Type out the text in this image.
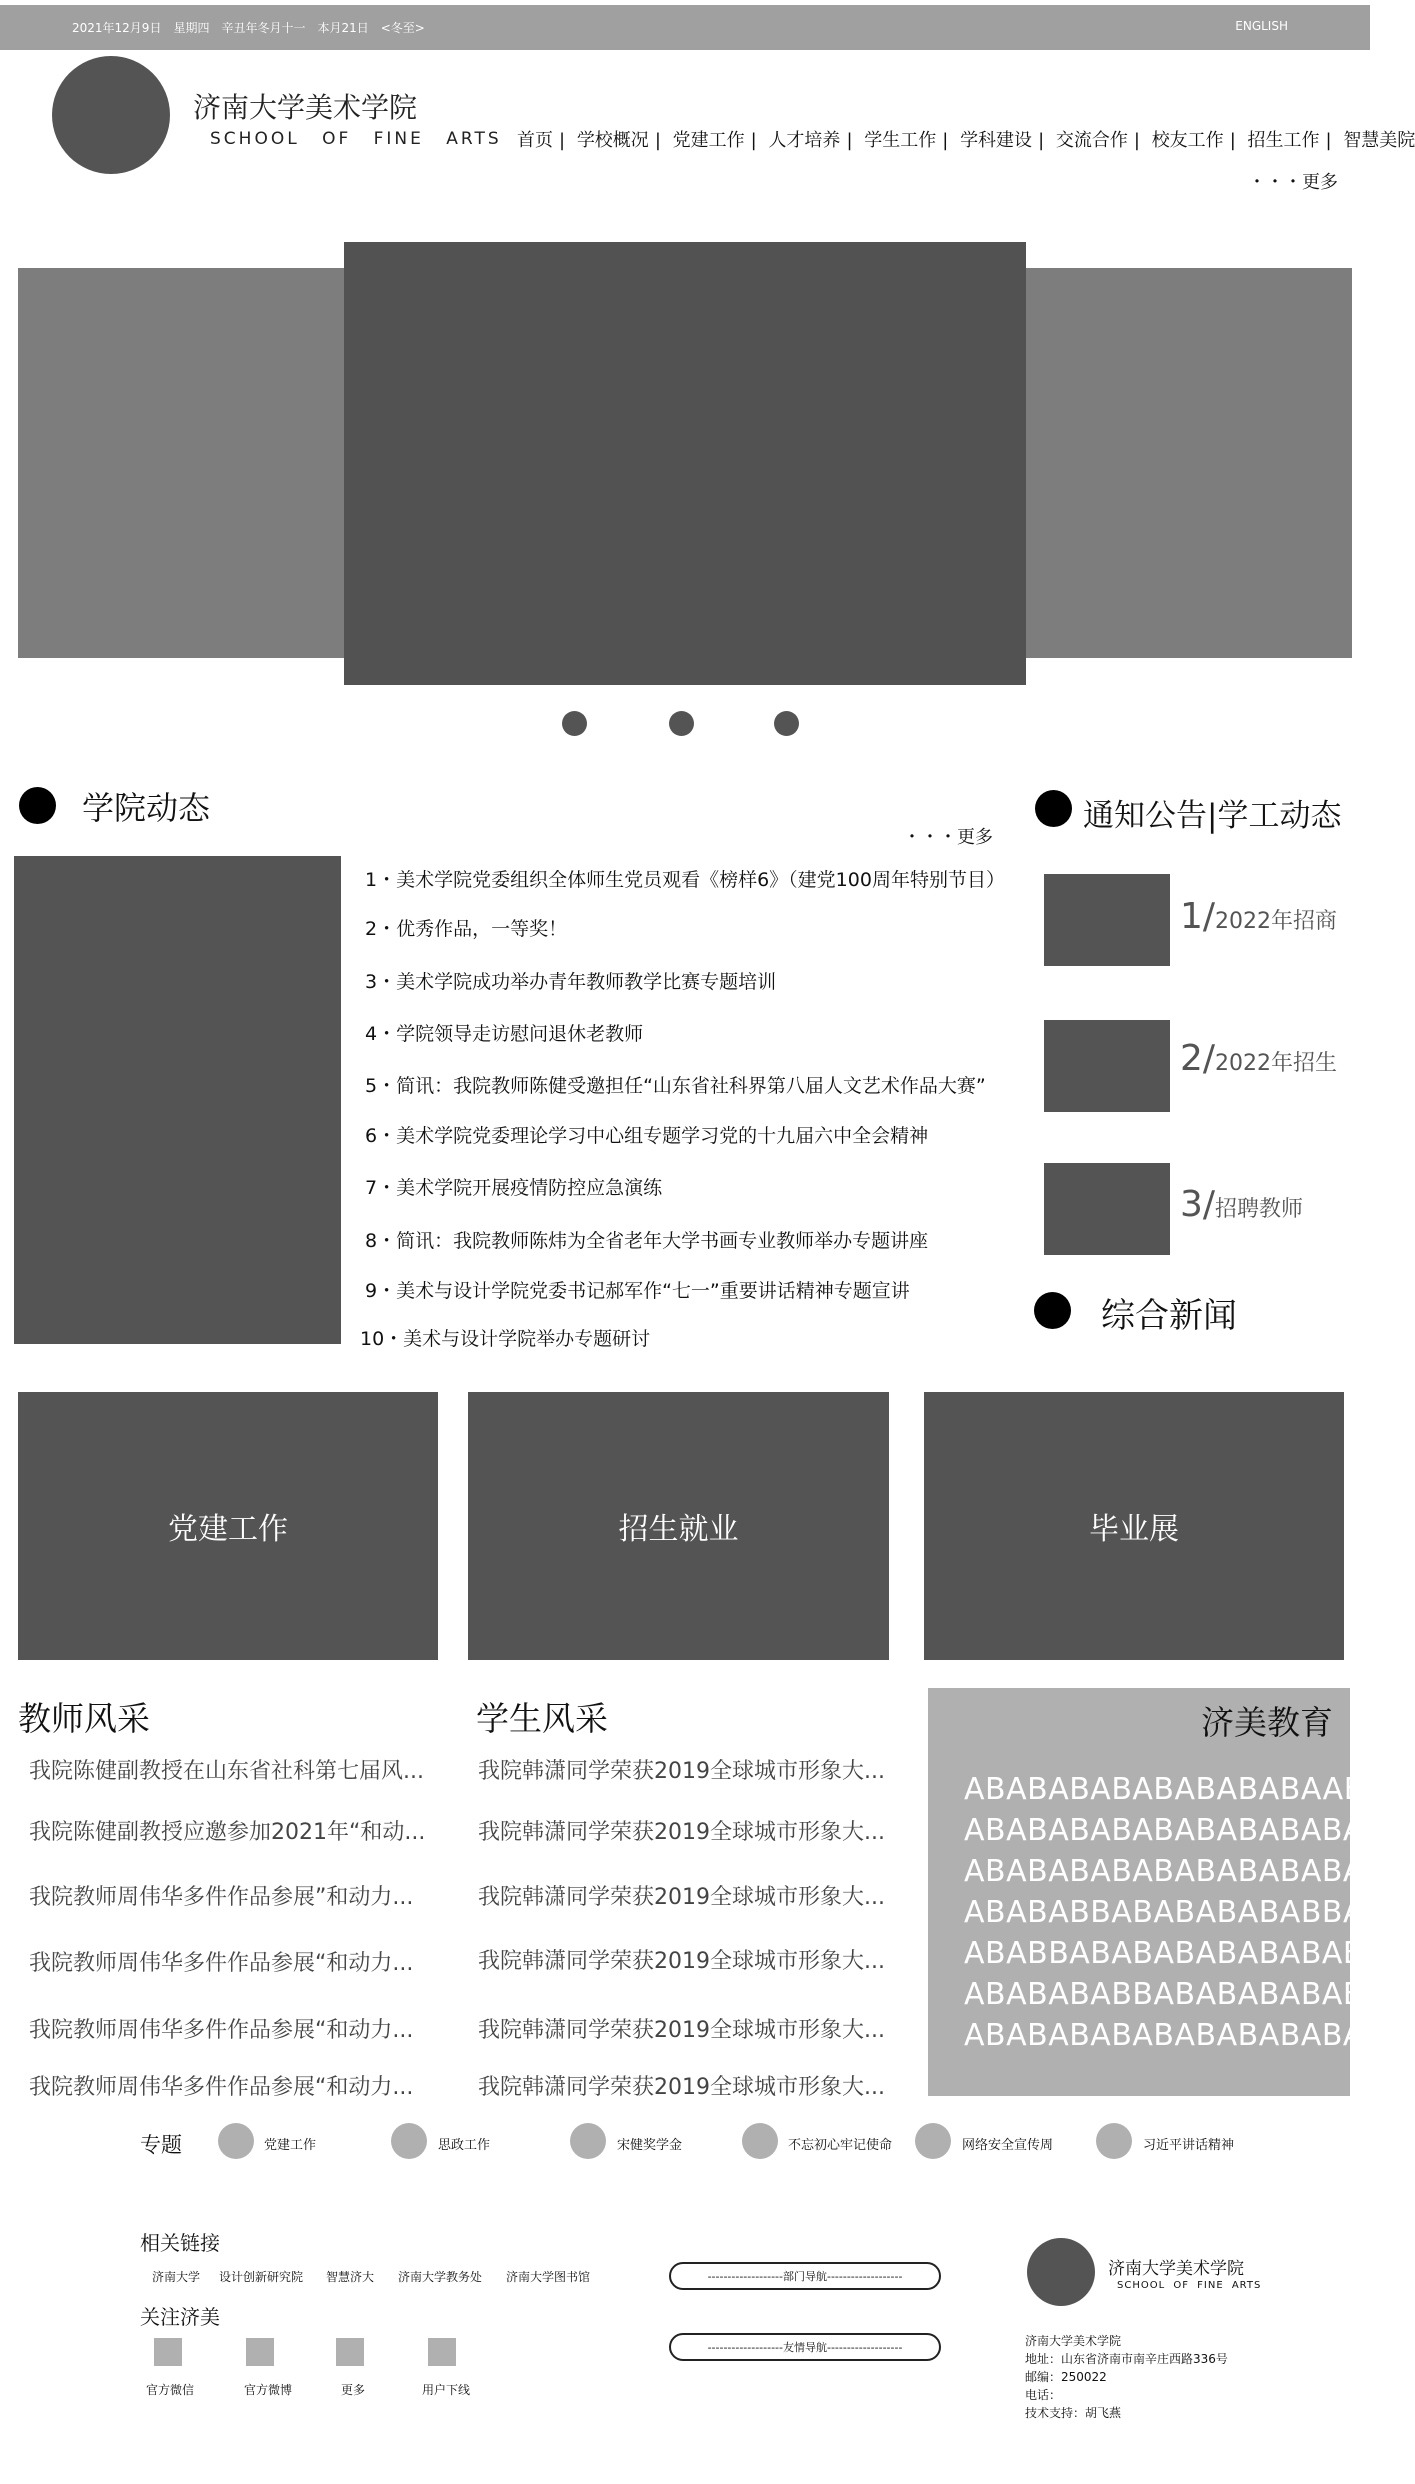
2021年12月9日　星期四　辛丑年冬月十一　本月21日　<冬至>	ENGLISH
济南大学美术学院
SCHOOL OF FINE ARTS 首页 | 学校概况 | 党建工作 | 人才培养 | 学生工作 | 学科建设 | 交流合作 | 校友工作 | 招生工作 | 智慧美院
・・・更多
学院动态
・・・更多
1・美术学院党委组织全体师生党员观看《榜样6》（建党100周年特别节目）
2・优秀作品，一等奖！
3・美术学院成功举办青年教师教学比赛专题培训
4・学院领导走访慰问退休老教师
5・简讯：我院教师陈健受邀担任“山东省社科界第八届人文艺术作品大赛”
6・美术学院党委理论学习中心组专题学习党的十九届六中全会精神
7・美术学院开展疫情防控应急演练
8・简讯：我院教师陈炜为全省老年大学书画专业教师举办专题讲座
9・美术与设计学院党委书记郝军作“七一”重要讲话精神专题宣讲
10・美术与设计学院举办专题研讨
通知公告|学工动态
1/2022年招商
2/2022年招生
3/招聘教师
综合新闻
党建工作	招生就业	毕业展
教师风采
我院陈健副教授在山东省社科第七届风...
我院陈健副教授应邀参加2021年“和动...
我院教师周伟华多件作品参展”和动力...
我院教师周伟华多件作品参展“和动力...
我院教师周伟华多件作品参展“和动力...
我院教师周伟华多件作品参展“和动力...
学生风采
我院韩潇同学荣获2019全球城市形象大...
我院韩潇同学荣获2019全球城市形象大...
我院韩潇同学荣获2019全球城市形象大...
我院韩潇同学荣获2019全球城市形象大...
我院韩潇同学荣获2019全球城市形象大...
我院韩潇同学荣获2019全球城市形象大...
济美教育
ABABABABABABABABAABA
ABABABABABABABABABAB
ABABABABABABABABABAB
ABABABBABABABABABBAA
ABABBABABABABABABABA
ABABABABBABABABABABA
ABABABABABABABABABAB
专题	党建工作	思政工作	宋健奖学金	不忘初心牢记使命	网络安全宣传周	习近平讲话精神
相关链接
济南大学 设计创新研究院 智慧济大 济南大学教务处 济南大学图书馆
关注济美
官方微信	官方微博	更多	用户下线
-------------------部门导航-------------------
-------------------友情导航-------------------
济南大学美术学院
SCHOOL OF FINE ARTS
济南大学美术学院
地址：山东省济南市南辛庄西路336号
邮编：250022
电话：
技术支持：胡飞燕
